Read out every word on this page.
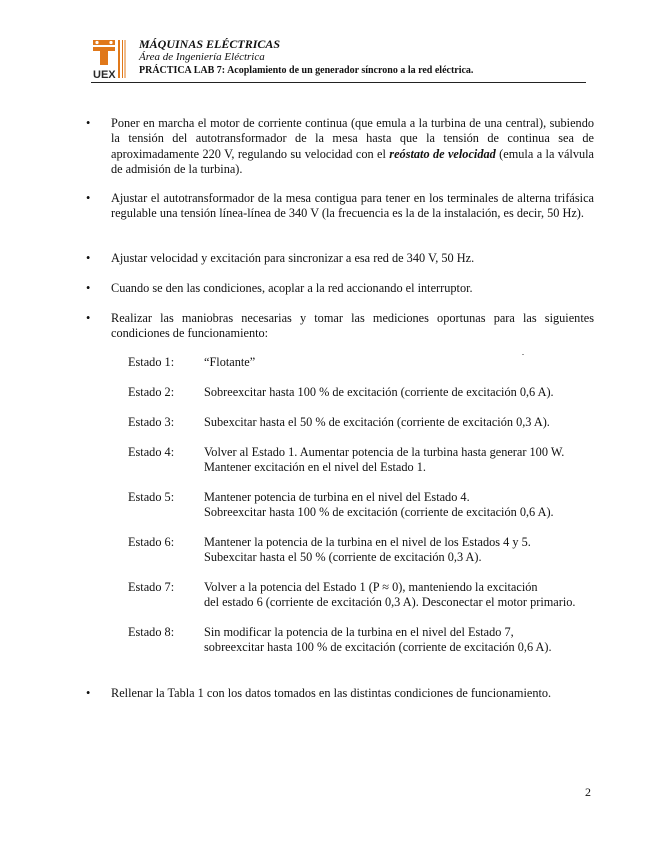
UEX
MÁQUINAS ELÉCTRICAS
Área de Ingeniería Eléctrica
PRÁCTICA LAB 7: Acoplamiento de un generador síncrono a la red eléctrica.
•	Poner en marcha el motor de corriente continua (que emula a la turbina de una central), subiendo la tensión del autotransformador de la mesa hasta que la tensión de continua sea de aproximadamente 220 V, regulando su velocidad con el reóstato de velocidad (emula a la válvula de admisión de la turbina).
•	Ajustar el autotransformador de la mesa contigua para tener en los terminales de alterna trifásica regulable una tensión línea-línea de 340 V (la frecuencia es la de la instalación, es decir, 50 Hz).
•	Ajustar velocidad y excitación para sincronizar a esa red de 340 V, 50 Hz.
•	Cuando se den las condiciones, acoplar a la red accionando el interruptor.
•	Realizar las maniobras necesarias y tomar las mediciones oportunas para las siguientes condiciones de funcionamiento:
Estado 1: “Flotante”
Estado 2: Sobreexcitar hasta 100 % de excitación (corriente de excitación 0,6 A).
Estado 3: Subexcitar hasta el 50 % de excitación (corriente de excitación 0,3 A).
Estado 4: Volver al Estado 1. Aumentar potencia de la turbina hasta generar 100 W.
Mantener excitación en el nivel del Estado 1.
Estado 5: Mantener potencia de turbina en el nivel del Estado 4.
Sobreexcitar hasta 100 % de excitación (corriente de excitación 0,6 A).
Estado 6: Mantener la potencia de la turbina en el nivel de los Estados 4 y 5.
Subexcitar hasta el 50 % (corriente de excitación 0,3 A).
Estado 7: Volver a la potencia del Estado 1 (P ≈ 0), manteniendo la excitación
del estado 6 (corriente de excitación 0,3 A). Desconectar el motor primario.
Estado 8: Sin modificar la potencia de la turbina en el nivel del Estado 7,
sobreexcitar hasta 100 % de excitación (corriente de excitación 0,6 A).
•	Rellenar la Tabla 1 con los datos tomados en las distintas condiciones de funcionamiento.
2
